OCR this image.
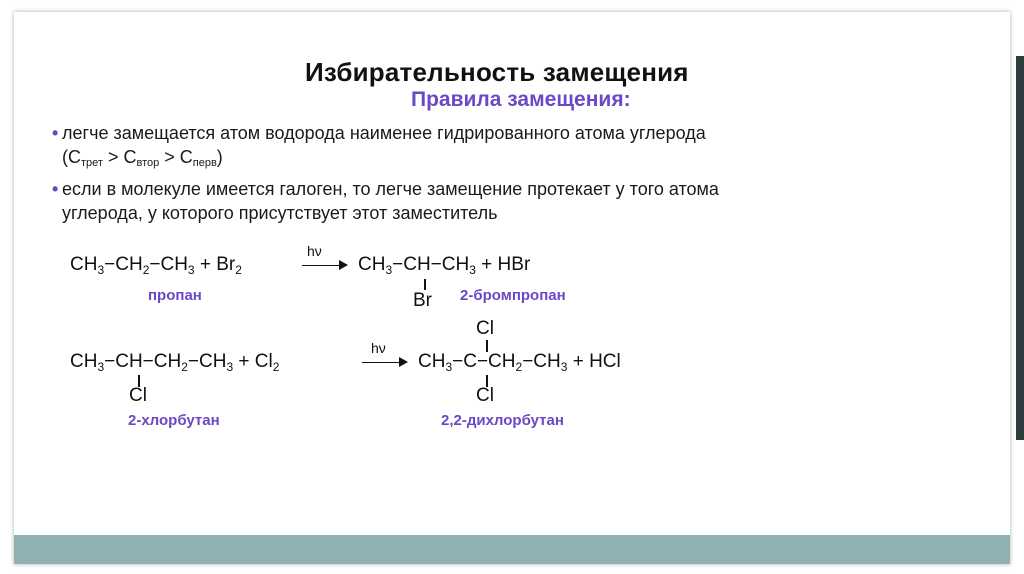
Избирательность замещения
Правила замещения:
• легче замещается атом водорода наименее гидрированного атома углерода
$(C_{трет} > C_{втор} > C_{перв})$
• если в молекуле имеется галоген, то легче замещение протекает у того атома
углерода, у которого присутствует этот заместитель
$CH_3-CH_2-CH_3 + Br_2$
hν
$CH_3-CH-CH_3$ + HBr
Br
пропан	2-бромпропан
$CH_3-CH-CH_2-CH_3 + Cl_2$
Cl
hν
Cl
$CH_3-C-CH_2-CH_3$ + HCl
Cl
2-хлорбутан	2,2-дихлорбутан
